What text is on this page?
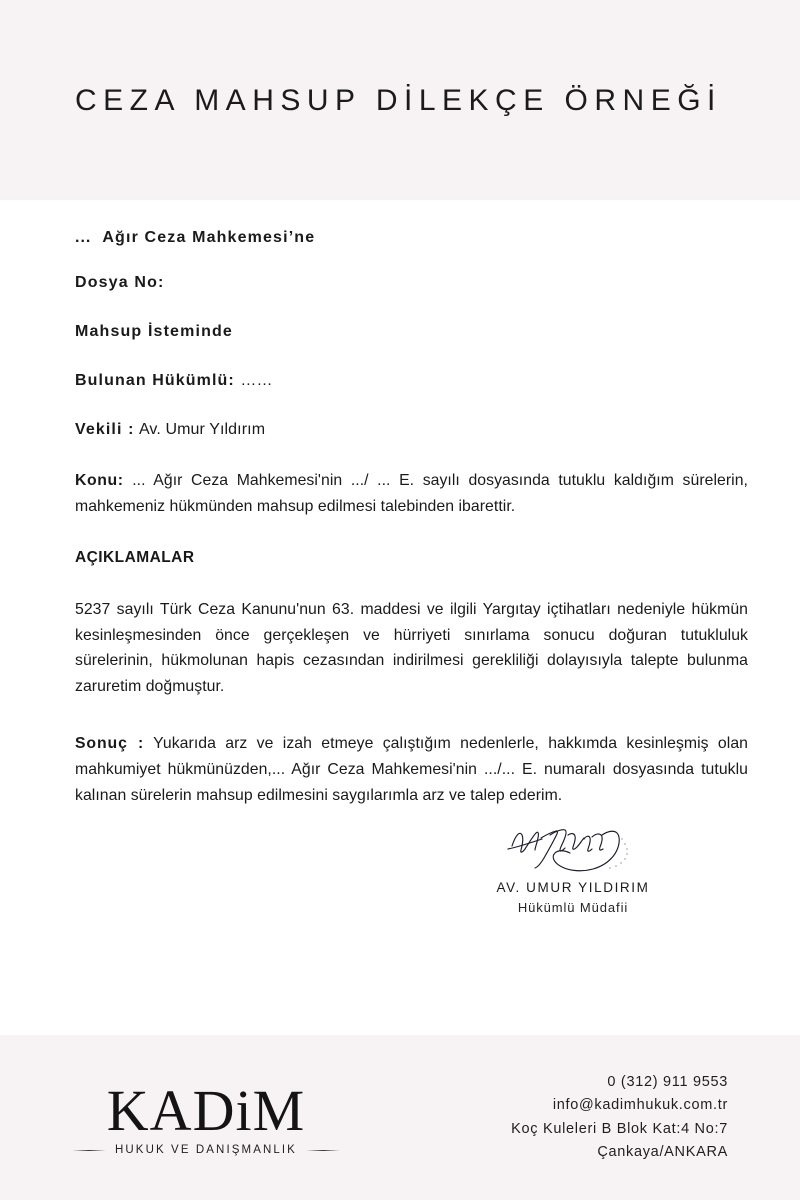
CEZA MAHSUP DİLEKÇE ÖRNEĞİ
... Ağır Ceza Mahkemesi’ne
Dosya No:
Mahsup İsteminde
Bulunan Hükümlü: ……
Vekili : Av. Umur Yıldırım

Konu: ... Ağır Ceza Mahkemesi'nin .../ ... E. sayılı dosyasında tutuklu kaldığım sürelerin, mahkemeniz hükmünden mahsup edilmesi talebinden ibarettir.

AÇIKLAMALAR

5237 sayılı Türk Ceza Kanunu'nun 63. maddesi ve ilgili Yargıtay içtihatları nedeniyle hükmün kesinleşmesinden önce gerçekleşen ve hürriyeti sınırlama sonucu doğuran tutukluluk sürelerinin, hükmolunan hapis cezasından indirilmesi gerekliliği dolayısıyla talepte bulunma zaruretim doğmuştur.

Sonuç : Yukarıda arz ve izah etmeye çalıştığım nedenlerle, hakkımda kesinleşmiş olan mahkumiyet hükmünüzden,... Ağır Ceza Mahkemesi'nin .../... E. numaralı dosyasında tutuklu kalınan sürelerin mahsup edilmesini saygılarımla arz ve talep ederim.

AV. UMUR YILDIRIM
Hükümlü Müdafii
KADiM
HUKUK VE DANIŞMANLIK
0 (312) 911 9553
info@kadimhukuk.com.tr
Koç Kuleleri B Blok Kat:4 No:7
Çankaya/ANKARA
